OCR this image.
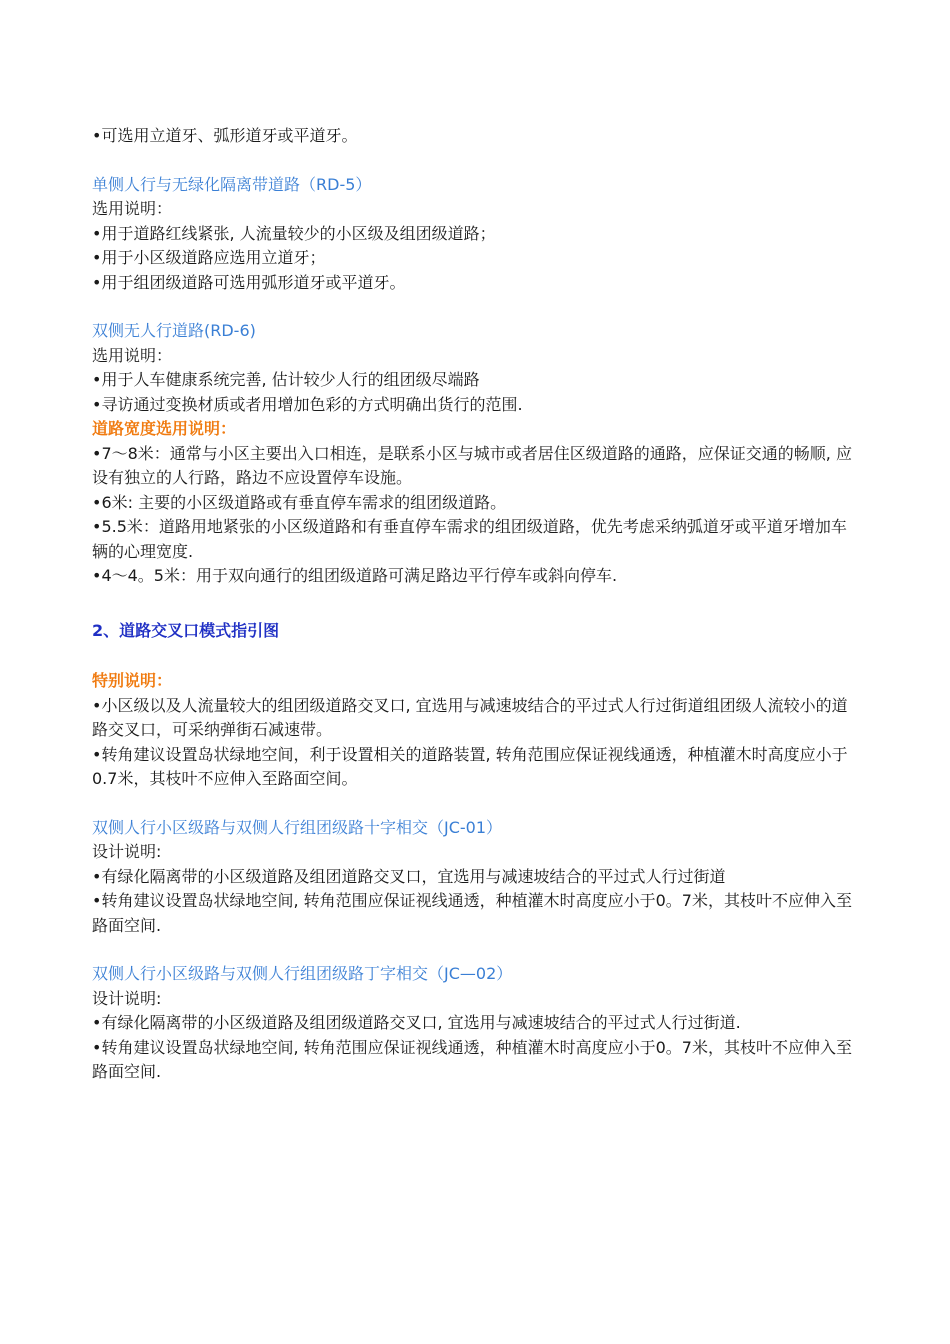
•可选用立道牙、弧形道牙或平道牙。
单侧人行与无绿化隔离带道路（RD-5）
选用说明：
•用于道路红线紧张, 人流量较少的小区级及组团级道路；
•用于小区级道路应选用立道牙；
•用于组团级道路可选用弧形道牙或平道牙。
双侧无人行道路(RD-6)
选用说明：
•用于人车健康系统完善, 估计较少人行的组团级尽端路
•寻访通过变换材质或者用增加色彩的方式明确出货行的范围.
道路宽度选用说明：
•7～8米：通常与小区主要出入口相连，是联系小区与城市或者居住区级道路的通路，应保证交通的畅顺, 应设有独立的人行路，路边不应设置停车设施。
•6米: 主要的小区级道路或有垂直停车需求的组团级道路。
•5.5米：道路用地紧张的小区级道路和有垂直停车需求的组团级道路，优先考虑采纳弧道牙或平道牙增加车辆的心理宽度.
•4～4。5米：用于双向通行的组团级道路可满足路边平行停车或斜向停车.
2、道路交叉口模式指引图
特别说明：
•小区级以及人流量较大的组团级道路交叉口, 宜选用与减速坡结合的平过式人行过街道组团级人流较小的道路交叉口，可采纳弹街石减速带。
•转角建议设置岛状绿地空间，利于设置相关的道路装置, 转角范围应保证视线通透，种植灌木时高度应小于0.7米，其枝叶不应伸入至路面空间。
双侧人行小区级路与双侧人行组团级路十字相交（JC-01）
设计说明:
•有绿化隔离带的小区级道路及组团道路交叉口，宜选用与减速坡结合的平过式人行过街道
•转角建议设置岛状绿地空间, 转角范围应保证视线通透，种植灌木时高度应小于0。7米，其枝叶不应伸入至路面空间.
双侧人行小区级路与双侧人行组团级路丁字相交（JC—02）
设计说明:
•有绿化隔离带的小区级道路及组团级道路交叉口, 宜选用与减速坡结合的平过式人行过街道.
•转角建议设置岛状绿地空间, 转角范围应保证视线通透，种植灌木时高度应小于0。7米，其枝叶不应伸入至路面空间.
